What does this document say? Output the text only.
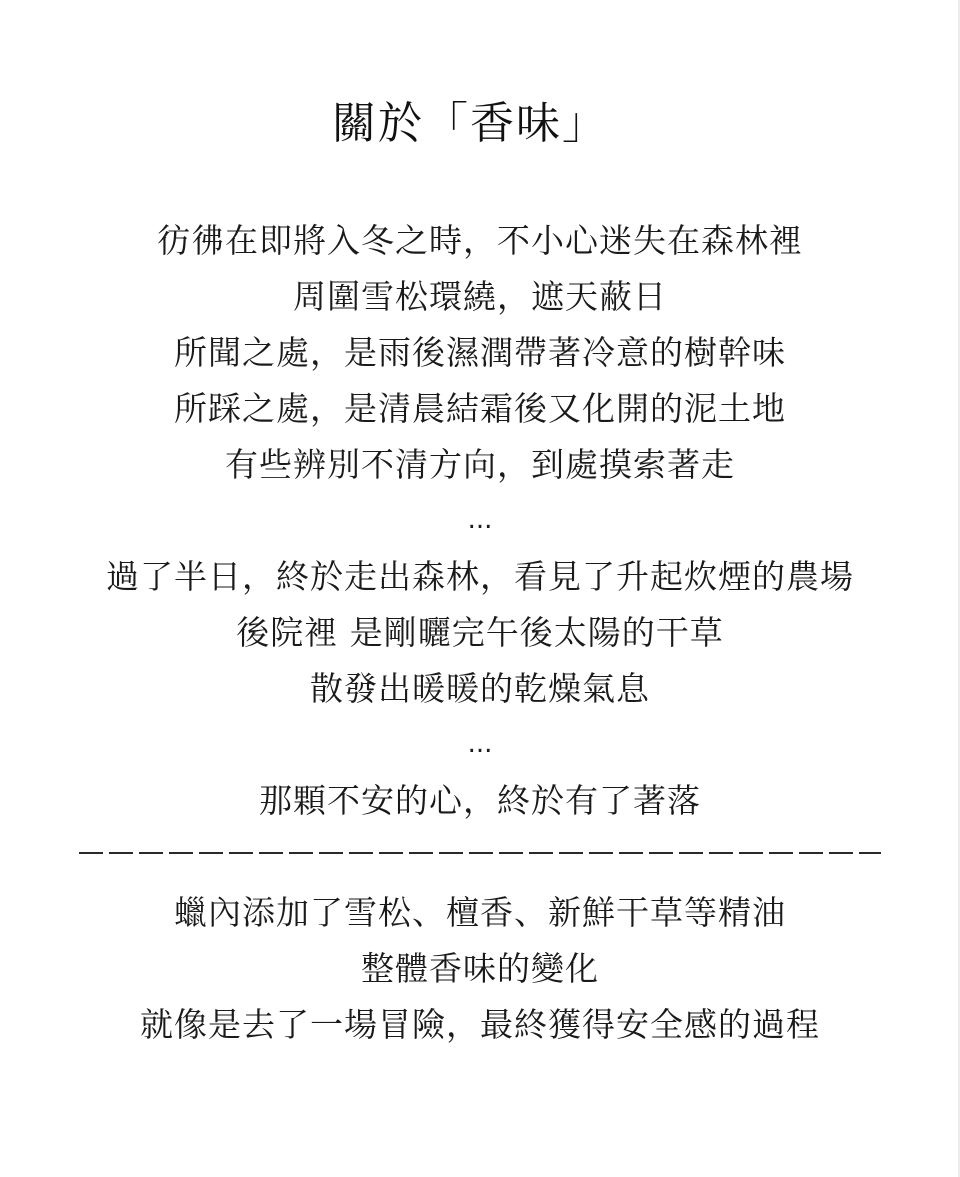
關於「香味」
彷彿在即將入冬之時，不小心迷失在森林裡
周圍雪松環繞，遮天蔽日
所聞之處，是雨後濕潤帶著冷意的樹幹味
所踩之處，是清晨結霜後又化開的泥土地
有些辨別不清方向，到處摸索著走
...
過了半日，終於走出森林，看見了升起炊煙的農場
後院裡 是剛曬完午後太陽的干草
散發出暖暖的乾燥氣息
...
那顆不安的心，終於有了著落
蠟內添加了雪松、檀香、新鮮干草等精油
整體香味的變化
就像是去了一場冒險，最終獲得安全感的過程
